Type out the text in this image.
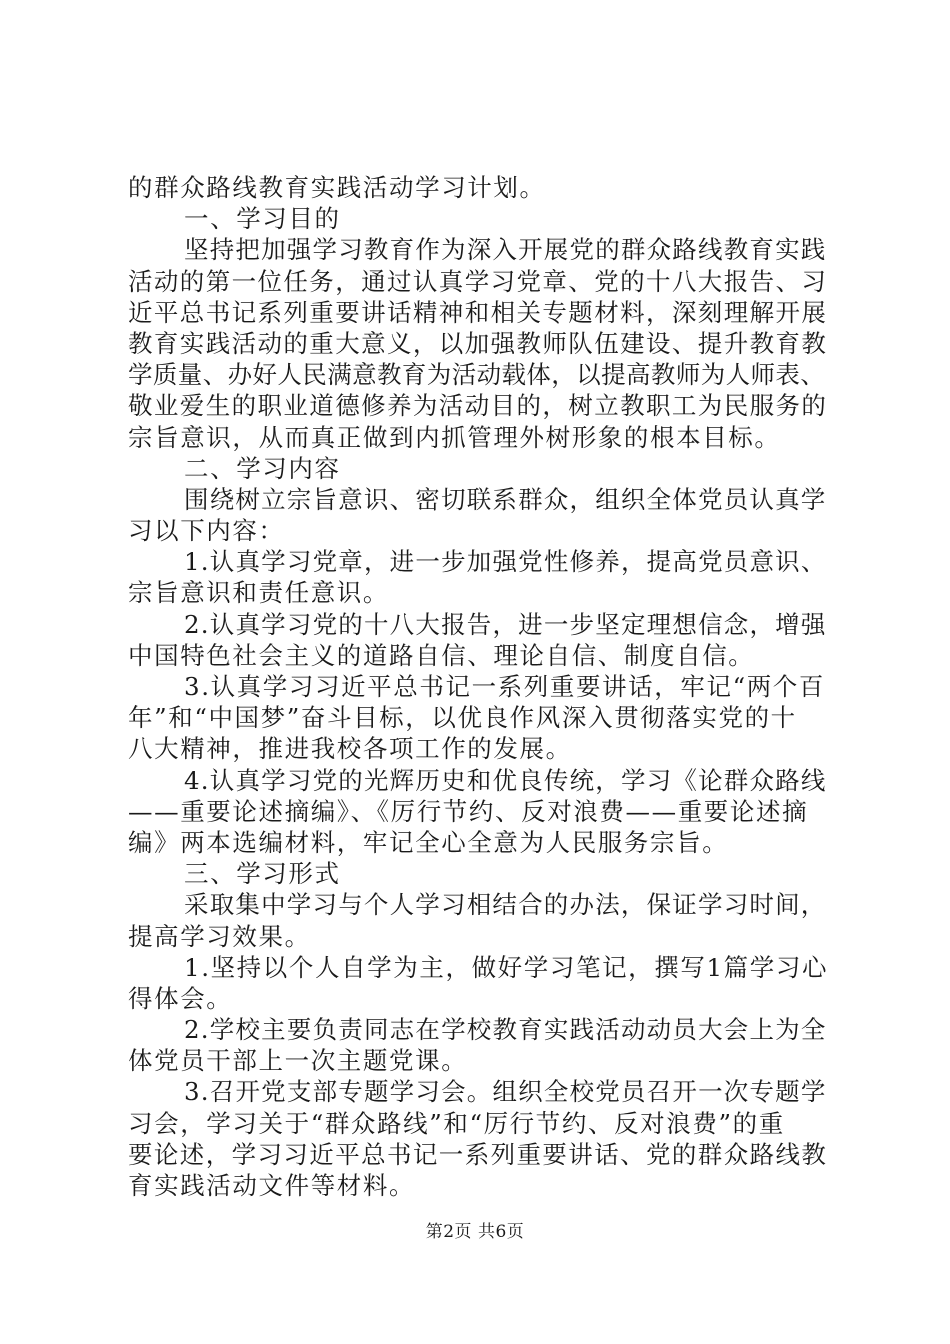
的群众路线教育实践活动学习计划。
一、学习目的
坚持把加强学习教育作为深入开展党的群众路线教育实践
活动的第一位任务，通过认真学习党章、党的十八大报告、习
近平总书记系列重要讲话精神和相关专题材料，深刻理解开展
教育实践活动的重大意义，以加强教师队伍建设、提升教育教
学质量、办好人民满意教育为活动载体，以提高教师为人师表、
敬业爱生的职业道德修养为活动目的，树立教职工为民服务的
宗旨意识，从而真正做到内抓管理外树形象的根本目标。
二、学习内容
围绕树立宗旨意识、密切联系群众，组织全体党员认真学
习以下内容：
1.认真学习党章，进一步加强党性修养，提高党员意识、
宗旨意识和责任意识。
2.认真学习党的十八大报告，进一步坚定理想信念，增强
中国特色社会主义的道路自信、理论自信、制度自信。
3.认真学习习近平总书记一系列重要讲话，牢记“两个百
年”和“中国梦”奋斗目标，以优良作风深入贯彻落实党的十
八大精神，推进我校各项工作的发展。
4.认真学习党的光辉历史和优良传统，学习《论群众路线
——重要论述摘编》、《厉行节约、反对浪费——重要论述摘
编》两本选编材料，牢记全心全意为人民服务宗旨。
三、学习形式
采取集中学习与个人学习相结合的办法，保证学习时间，
提高学习效果。
1.坚持以个人自学为主，做好学习笔记，撰写1篇学习心
得体会。
2.学校主要负责同志在学校教育实践活动动员大会上为全
体党员干部上一次主题党课。
3.召开党支部专题学习会。组织全校党员召开一次专题学
习会，学习关于“群众路线”和“厉行节约、反对浪费”的重
要论述，学习习近平总书记一系列重要讲话、党的群众路线教
育实践活动文件等材料。
第2页 共6页
